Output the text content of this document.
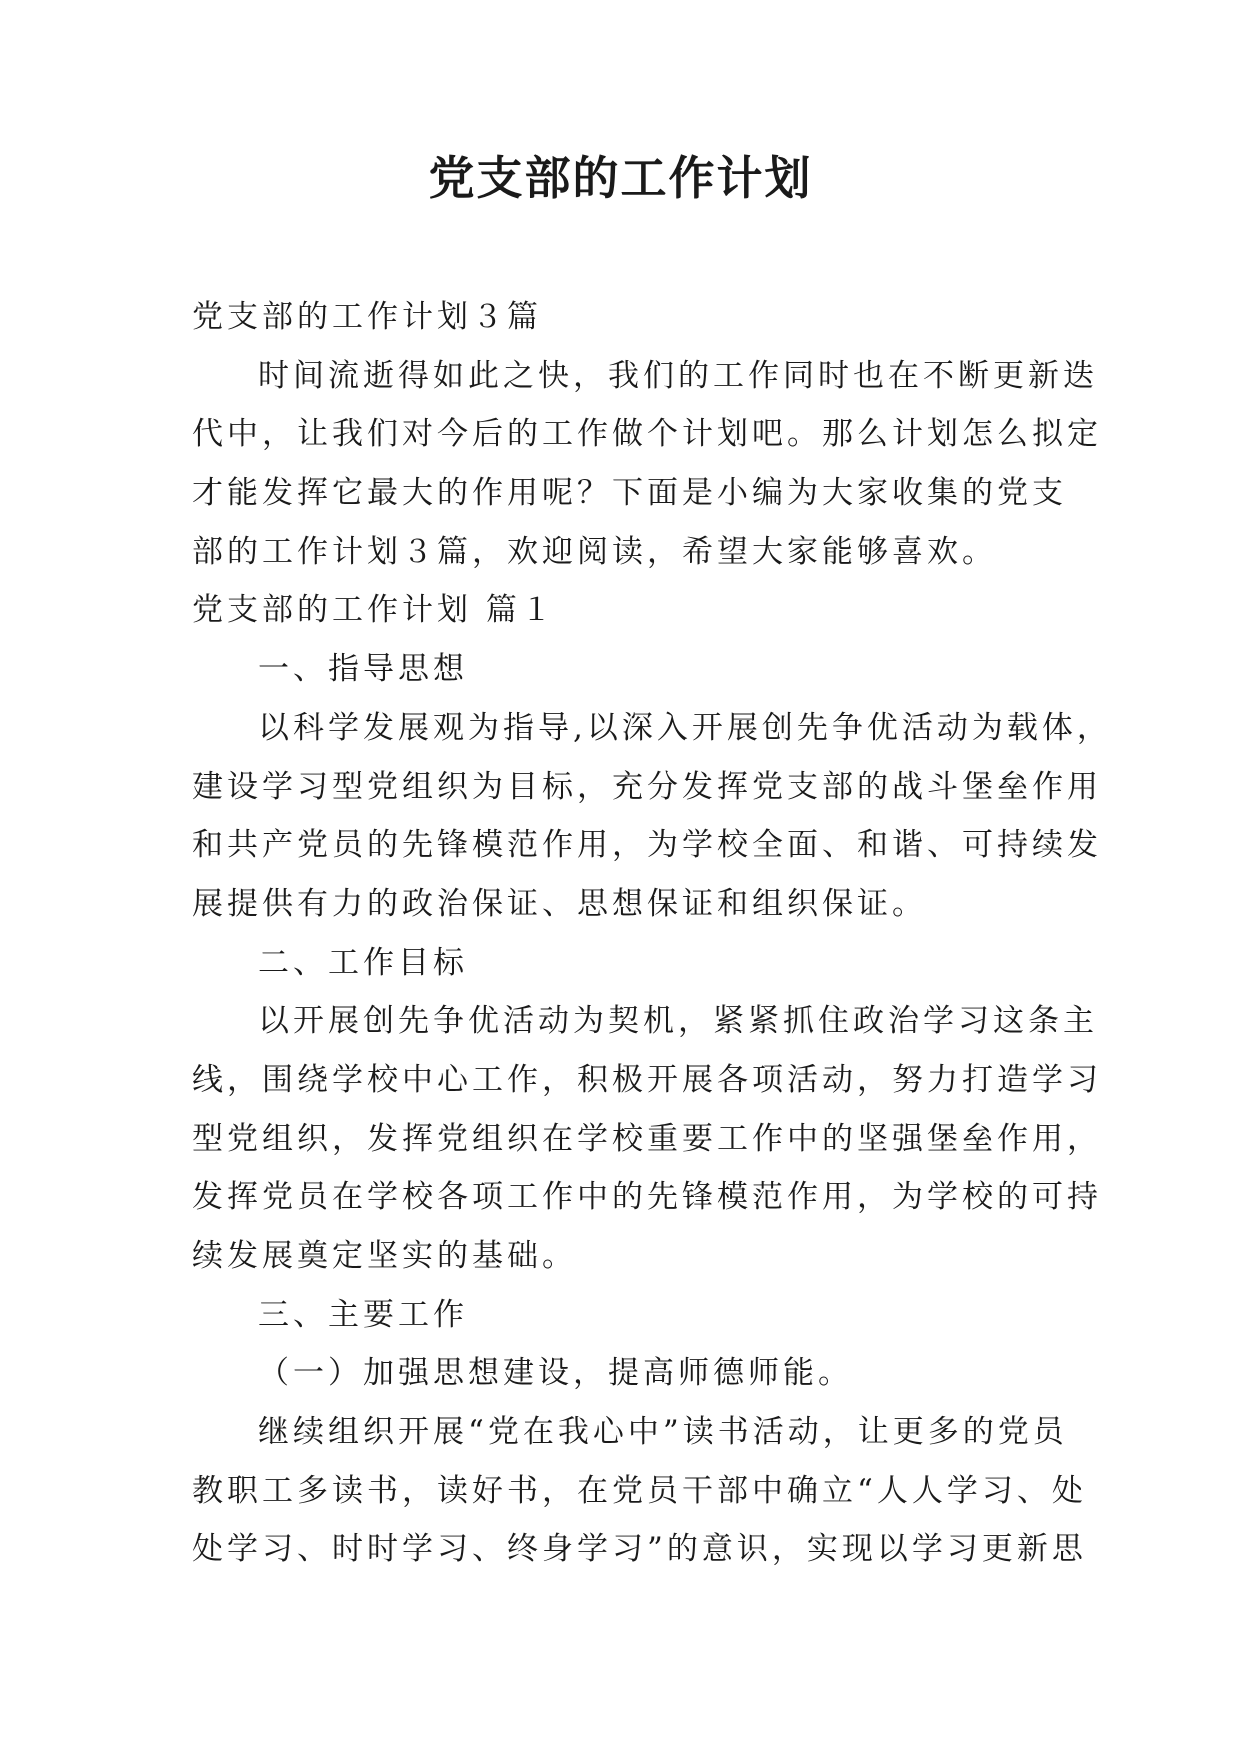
党支部的工作计划
党支部的工作计划３篇
时间流逝得如此之快，我们的工作同时也在不断更新迭
代中，让我们对今后的工作做个计划吧。那么计划怎么拟定
才能发挥它最大的作用呢？下面是小编为大家收集的党支
部的工作计划３篇，欢迎阅读，希望大家能够喜欢。
党支部的工作计划 篇１
一、指导思想
以科学发展观为指导,以深入开展创先争优活动为载体，
建设学习型党组织为目标，充分发挥党支部的战斗堡垒作用
和共产党员的先锋模范作用，为学校全面、和谐、可持续发
展提供有力的政治保证、思想保证和组织保证。
二、工作目标
以开展创先争优活动为契机，紧紧抓住政治学习这条主
线，围绕学校中心工作，积极开展各项活动，努力打造学习
型党组织，发挥党组织在学校重要工作中的坚强堡垒作用，
发挥党员在学校各项工作中的先锋模范作用，为学校的可持
续发展奠定坚实的基础。
三、主要工作
（一）加强思想建设，提高师德师能。
继续组织开展“党在我心中”读书活动，让更多的党员
教职工多读书，读好书，在党员干部中确立“人人学习、处
处学习、时时学习、终身学习”的意识，实现以学习更新思
